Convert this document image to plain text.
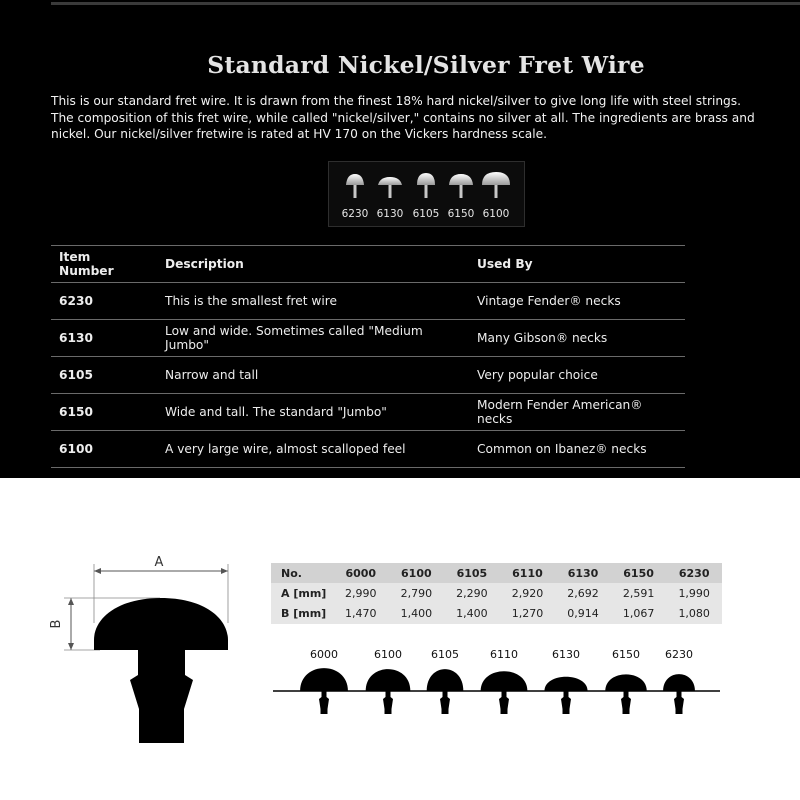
Standard Nickel/Silver Fret Wire
This is our standard fret wire. It is drawn from the finest 18% hard nickel/silver to give long life with steel strings. The composition of this fret wire, while called "nickel/silver," contains no silver at all. The ingredients are brass and nickel. Our nickel/silver fretwire is rated at HV 170 on the Vickers hardness scale.
6230 6130 6105 6150 6100
Item Number	Description	Used By
6230	This is the smallest fret wire	Vintage Fender® necks
6130	Low and wide. Sometimes called "Medium Jumbo"	Many Gibson® necks
6105	Narrow and tall	Very popular choice
6150	Wide and tall. The standard "Jumbo"	Modern Fender American® necks
6100	A very large wire, almost scalloped feel	Common on Ibanez® necks
A
B
6000	6100	6105	6110	6130	6150 6230
No.	6000	6100	6105	6110	6130	6150	6230
A [mm]	2,990	2,790	2,290	2,920	2,692	2,591	1,990
B [mm]	1,470	1,400	1,400	1,270	0,914	1,067	1,080
